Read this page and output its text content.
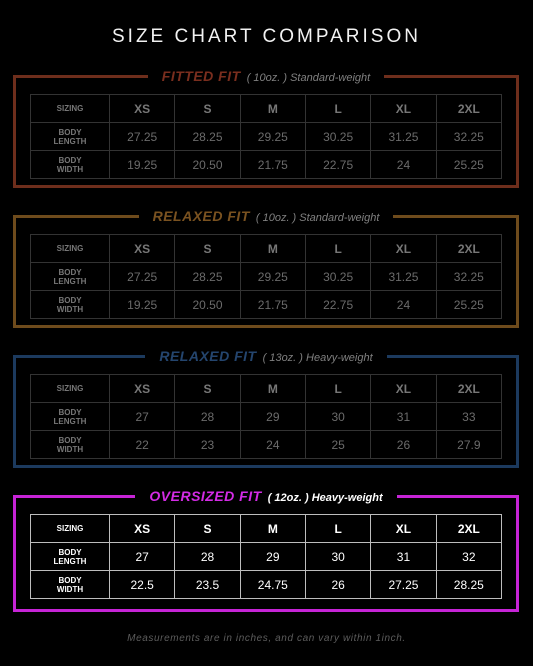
SIZE CHART COMPARISON
FITTED FIT ( 10oz. ) Standard-weight
SIZING	XS	S	M	L	XL	2XL
BODY
LENGTH	27.25	28.25	29.25	30.25	31.25	32.25
BODY
WIDTH	19.25	20.50	21.75	22.75	24	25.25
RELAXED FIT ( 10oz. ) Standard-weight
SIZING	XS	S	M	L	XL	2XL
BODY
LENGTH	27.25	28.25	29.25	30.25	31.25	32.25
BODY
WIDTH	19.25	20.50	21.75	22.75	24	25.25
RELAXED FIT ( 13oz. ) Heavy-weight
SIZING	XS	S	M	L	XL	2XL
BODY
LENGTH	27	28	29	30	31	33
BODY
WIDTH	22	23	24	25	26	27.9
OVERSIZED FIT ( 12oz. ) Heavy-weight
SIZING	XS	S	M	L	XL	2XL
BODY
LENGTH	27	28	29	30	31	32
BODY
WIDTH	22.5	23.5	24.75	26	27.25	28.25
Measurements are in inches, and can vary within 1inch.
